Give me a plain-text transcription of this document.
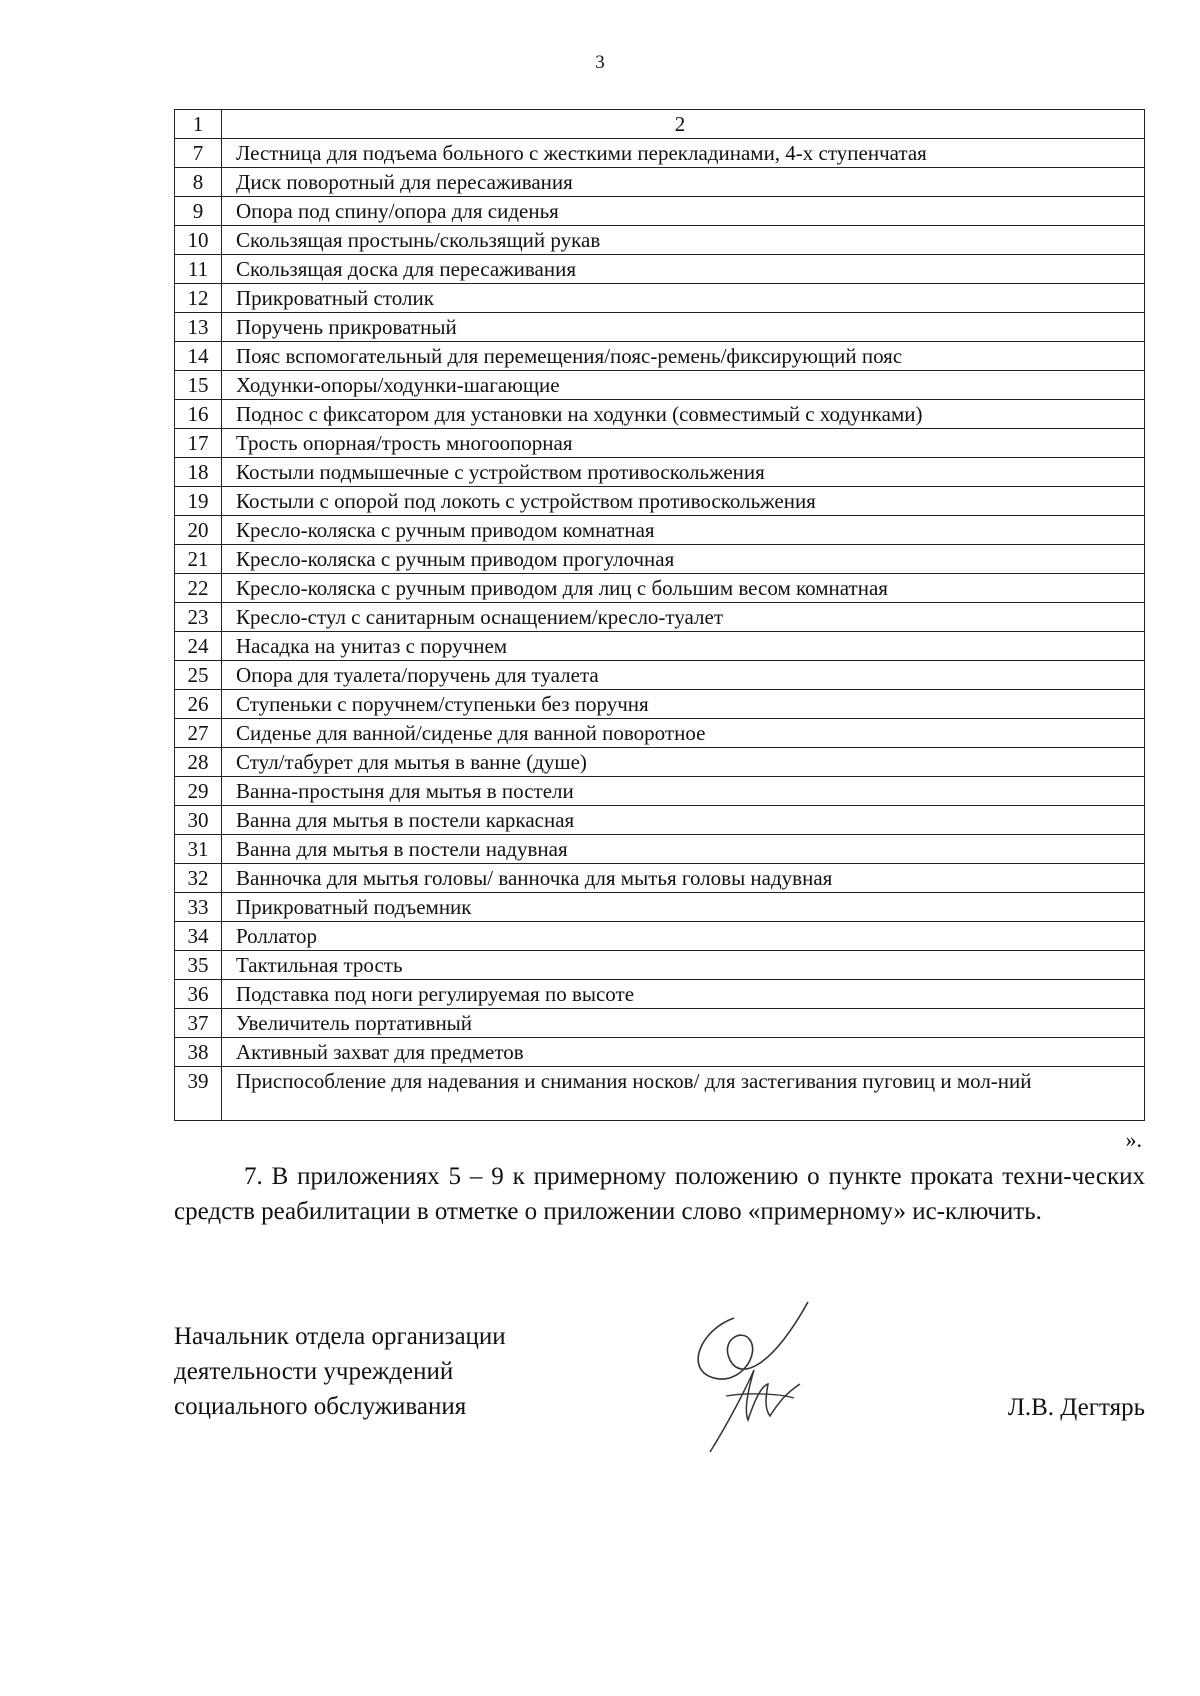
3
1	2
7	Лестница для подъема больного с жесткими перекладинами, 4-х ступенчатая
8	Диск поворотный для пересаживания
9	Опора под спину/опора для сиденья
10	Скользящая простынь/скользящий рукав
11	Скользящая доска для пересаживания
12	Прикроватный столик
13	Поручень прикроватный
14	Пояс вспомогательный для перемещения/пояс-ремень/фиксирующий пояс
15	Ходунки-опоры/ходунки-шагающие
16	Поднос с фиксатором для установки на ходунки (совместимый с ходунками)
17	Трость опорная/трость многоопорная
18	Костыли подмышечные с устройством противоскольжения
19	Костыли с опорой под локоть с устройством противоскольжения
20	Кресло-коляска с ручным приводом комнатная
21	Кресло-коляска с ручным приводом прогулочная
22	Кресло-коляска с ручным приводом для лиц с большим весом комнатная
23	Кресло-стул с санитарным оснащением/кресло-туалет
24	Насадка на унитаз с поручнем
25	Опора для туалета/поручень для туалета
26	Ступеньки с поручнем/ступеньки без поручня
27	Сиденье для ванной/сиденье для ванной поворотное
28	Стул/табурет для мытья в ванне (душе)
29	Ванна-простыня для мытья в постели
30	Ванна для мытья в постели каркасная
31	Ванна для мытья в постели надувная
32	Ванночка для мытья головы/ ванночка для мытья головы надувная
33	Прикроватный подъемник
34	Роллатор
35	Тактильная трость
36	Подставка под ноги регулируемая по высоте
37	Увеличитель портативный
38	Активный захват для предметов
39	Приспособление для надевания и снимания носков/ для застегивания пуговиц и мол-ний
».

7. В приложениях 5 – 9 к примерному положению о пункте проката техни-ческих средств реабилитации в отметке о приложении слово «примерному» ис-ключить.

Начальник отдела организации
деятельности учреждений
социального обслуживания	Л.В. Дегтярь
